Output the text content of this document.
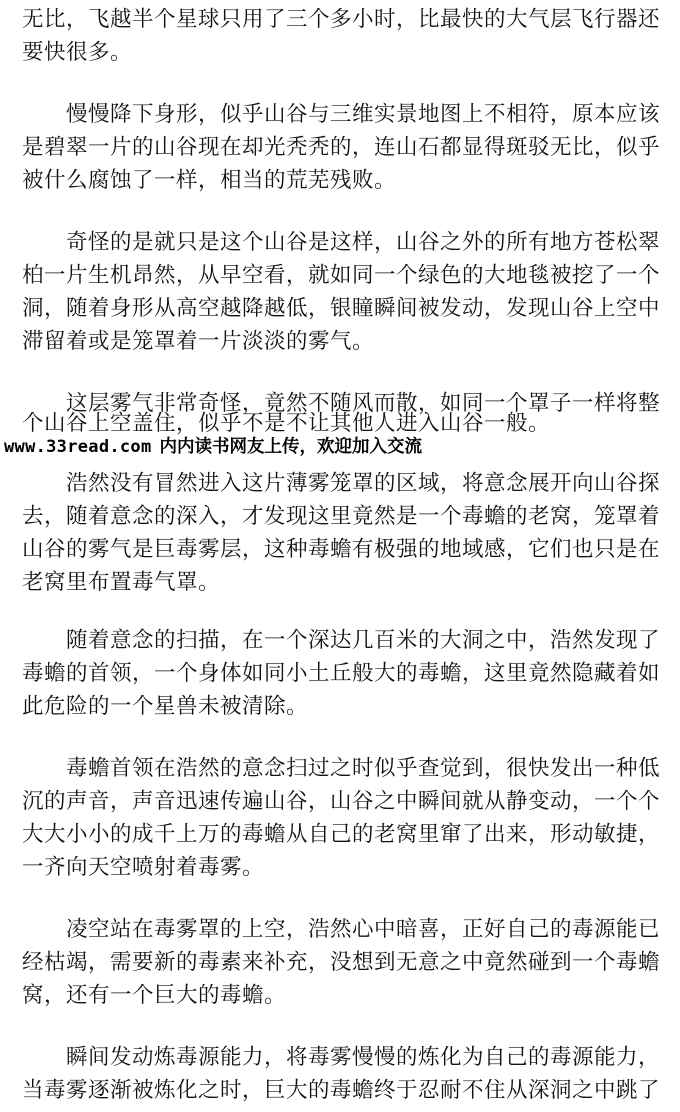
无比，飞越半个星球只用了三个多小时，比最快的大气层飞行器还
要快很多。
慢慢降下身形，似乎山谷与三维实景地图上不相符，原本应该
是碧翠一片的山谷现在却光秃秃的，连山石都显得斑驳无比，似乎
被什么腐蚀了一样，相当的荒芜残败。
奇怪的是就只是这个山谷是这样，山谷之外的所有地方苍松翠
柏一片生机昂然，从早空看，就如同一个绿色的大地毯被挖了一个
洞，随着身形从高空越降越低，银瞳瞬间被发动，发现山谷上空中
滞留着或是笼罩着一片淡淡的雾气。
这层雾气非常奇怪，竟然不随风而散，如同一个罩子一样将整
个山谷上空盖住，似乎不是不让其他人进入山谷一般。
www.33read.com 内内读书网友上传，欢迎加入交流
浩然没有冒然进入这片薄雾笼罩的区域，将意念展开向山谷探
去，随着意念的深入，才发现这里竟然是一个毒蟾的老窝，笼罩着
山谷的雾气是巨毒雾层，这种毒蟾有极强的地域感，它们也只是在
老窝里布置毒气罩。
随着意念的扫描，在一个深达几百米的大洞之中，浩然发现了
毒蟾的首领，一个身体如同小土丘般大的毒蟾，这里竟然隐藏着如
此危险的一个星兽未被清除。
毒蟾首领在浩然的意念扫过之时似乎查觉到，很快发出一种低
沉的声音，声音迅速传遍山谷，山谷之中瞬间就从静变动，一个个
大大小小的成千上万的毒蟾从自己的老窝里窜了出来，形动敏捷，
一齐向天空喷射着毒雾。
凌空站在毒雾罩的上空，浩然心中暗喜，正好自己的毒源能已
经枯竭，需要新的毒素来补充，没想到无意之中竟然碰到一个毒蟾
窝，还有一个巨大的毒蟾。
瞬间发动炼毒源能力，将毒雾慢慢的炼化为自己的毒源能力，
当毒雾逐渐被炼化之时，巨大的毒蟾终于忍耐不住从深洞之中跳了
